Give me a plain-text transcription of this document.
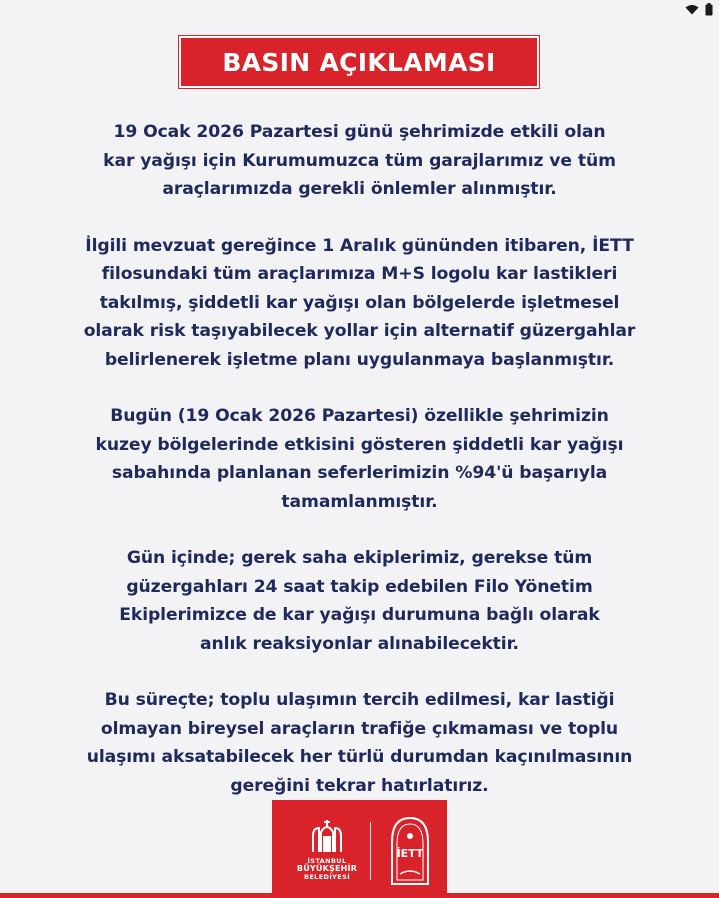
BASIN AÇIKLAMASI

19 Ocak 2026 Pazartesi günü şehrimizde etkili olan
kar yağışı için Kurumumuzca tüm garajlarımız ve tüm
araçlarımızda gerekli önlemler alınmıştır.

İlgili mevzuat gereğince 1 Aralık gününden itibaren, İETT
filosundaki tüm araçlarımıza M+S logolu kar lastikleri
takılmış, şiddetli kar yağışı olan bölgelerde işletmesel
olarak risk taşıyabilecek yollar için alternatif güzergahlar
belirlenerek işletme planı uygulanmaya başlanmıştır.

Bugün (19 Ocak 2026 Pazartesi) özellikle şehrimizin
kuzey bölgelerinde etkisini gösteren şiddetli kar yağışı
sabahında planlanan seferlerimizin %94'ü başarıyla
tamamlanmıştır.

Gün içinde; gerek saha ekiplerimiz, gerekse tüm
güzergahları 24 saat takip edebilen Filo Yönetim
Ekiplerimizce de kar yağışı durumuna bağlı olarak
anlık reaksiyonlar alınabilecektir.

Bu süreçte; toplu ulaşımın tercih edilmesi, kar lastiği
olmayan bireysel araçların trafiğe çıkmaması ve toplu
ulaşımı aksatabilecek her türlü durumdan kaçınılmasının
gereğini tekrar hatırlatırız.

İSTANBUL
BÜYÜKŞEHİR
BELEDİYESİ
İETT
